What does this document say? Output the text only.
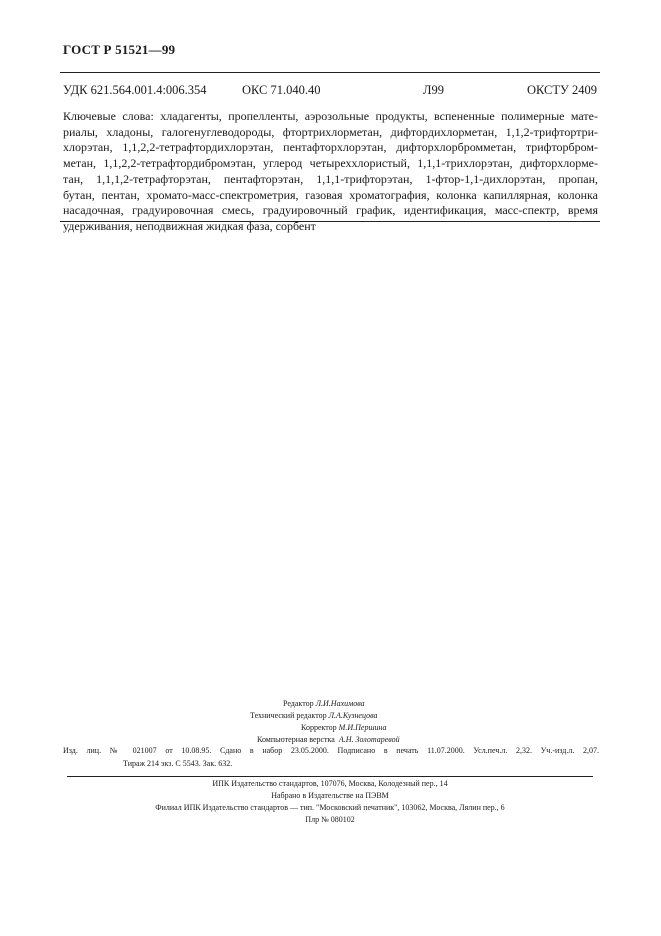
ГОСТ Р 51521—99
УДК 621.564.001.4:006.354	ОКС 71.040.40	Л99	ОКСТУ 2409
Ключевые слова: хладагенты, пропелленты, аэрозольные продукты, вспененные полимерные мате-
риалы, хладоны, галогенуглеводороды, фтортрихлорметан, дифтордихлорметан, 1,1,2-трифтортри-
хлорэтан, 1,1,2,2-тетрафтордихлорэтан, пентафторхлорэтан, дифторхлорбромметан, трифторбром-
метан, 1,1,2,2-тетрафтордибромэтан, углерод четыреххлористый, 1,1,1-трихлорэтан, дифторхлорме-
тан, 1,1,1,2-тетрафторэтан, пентафторэтан, 1,1,1-трифторэтан, 1-фтор-1,1-дихлорэтан, пропан,
бутан, пентан, хромато-масс-спектрометрия, газовая хроматография, колонка капиллярная, колонка
насадочная, градуировочная смесь, градуировочный график, идентификация, масс-спектр, время
удерживания, неподвижная жидкая фаза, сорбент
Редактор Л.И.Нахимова
Технический редактор Л.А.Кузнецова
Корректор М.И.Першина
Компьютерная верстка А.Н. Золотаревой
Изд. лиц. № 021007 от 10.08.95. Сдано в набор 23.05.2000. Подписано в печать 11.07.2000. Усл.печ.л. 2,32. Уч.-изд.л. 2,07.
Тираж 214 экз. С 5543. Зак. 632.
ИПК Издательство стандартов, 107076, Москва, Колодезный пер., 14
Набрано в Издательстве на ПЭВМ
Филиал ИПК Издательство стандартов — тип. "Московский печатник", 103062, Москва, Лялин пер., 6
Плр № 080102
